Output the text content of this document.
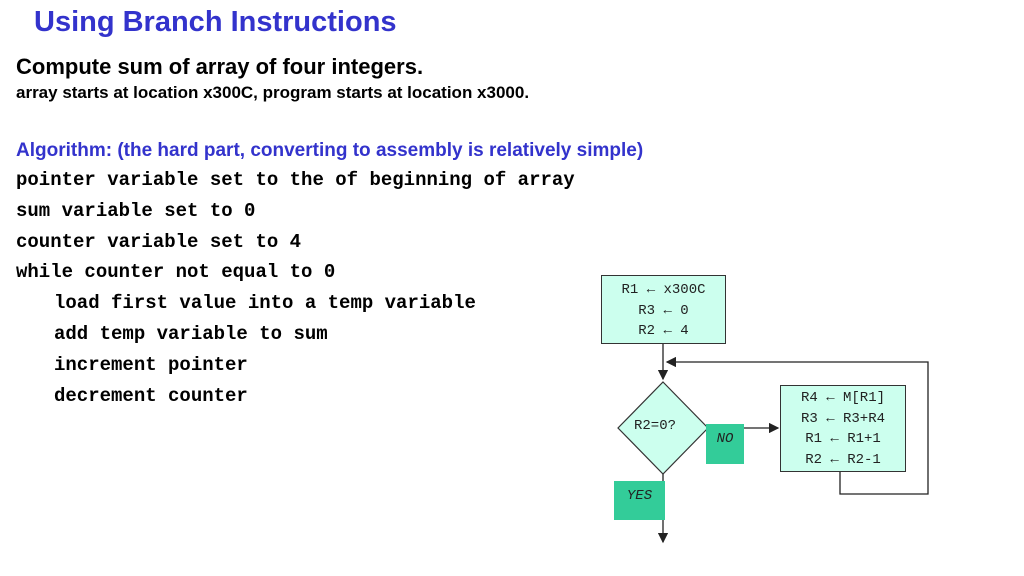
Using Branch Instructions
Compute sum of array of four integers.
array starts at location x300C, program starts at location x3000.
Algorithm: (the hard part, converting to assembly is relatively simple)
pointer variable set to the of beginning of array
sum variable set to 0
counter variable set to 4
while counter not equal to 0
load first value into a temp variable
add temp variable to sum
increment pointer
decrement counter
R1 ← x300C
R3 ← 0
R2 ← 4
R2=0?
NO
YES
R4 ← M[R1]
R3 ← R3+R4
R1 ← R1+1
R2 ← R2-1
